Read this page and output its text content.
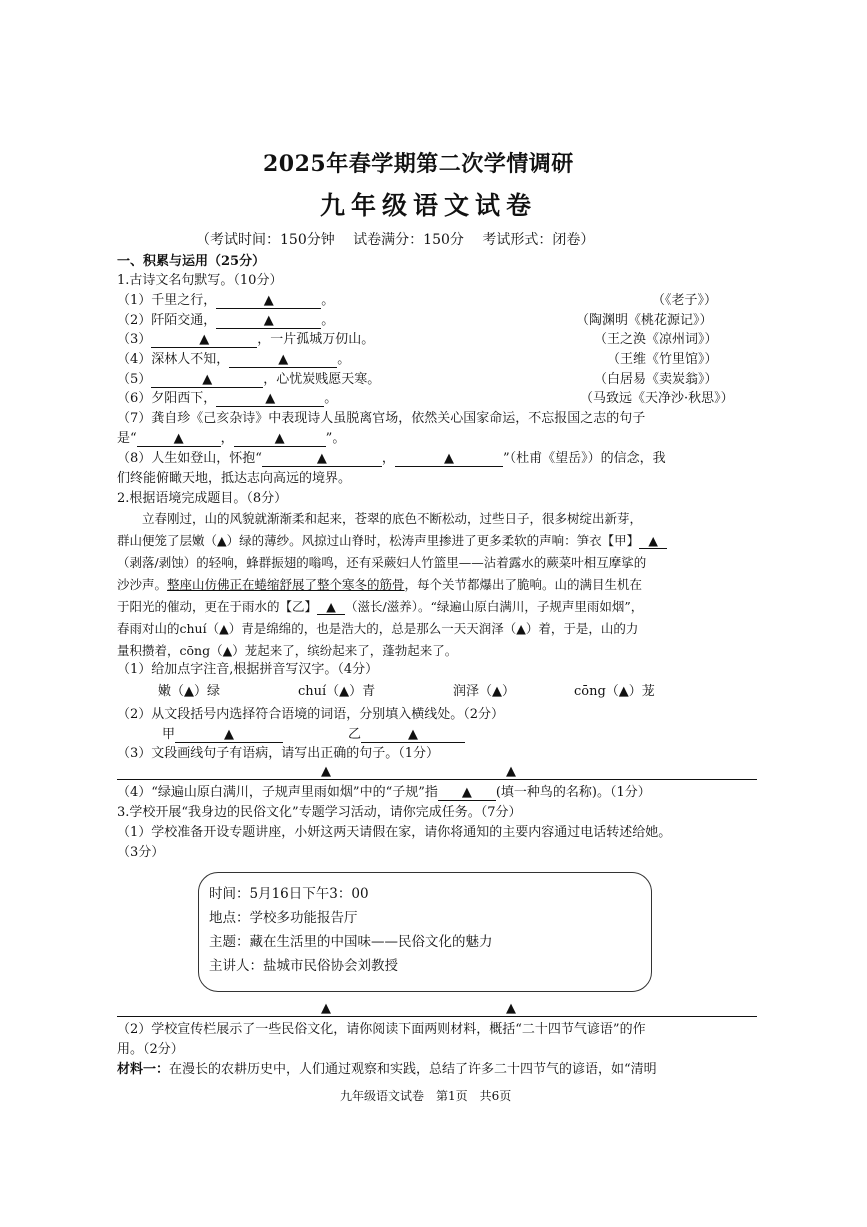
2025年春学期第二次学情调研
九年级语文试卷
（考试时间：150分钟　 试卷满分：150分　 考试形式：闭卷）
一、积累与运用（25分）
1.古诗文名句默写。（10分）
（1）千里之行，	▲	。	（《老子》）
（2）阡陌交通，	▲	。	（陶渊明《桃花源记》）
（3）	▲	，一片孤城万仞山。	（王之涣《凉州词》）
（4）深林人不知，	▲	。	（王维《竹里馆》）
（5）	▲	，心忧炭贱愿天寒。	（白居易《卖炭翁》）
（6）夕阳西下，	▲	。	（马致远《天净沙·秋思》）
（7）龚自珍《己亥杂诗》中表现诗人虽脱离官场，依然关心国家命运，不忘报国之志的句子
是“	▲	，	▲	”。
（8）人生如登山，怀抱“	▲	，	▲	”（杜甫《望岳》）的信念，我
们终能俯瞰天地，抵达志向高远的境界。
2.根据语境完成题目。（8分）
　　立春刚过，山的风貌就渐渐柔和起来，苍翠的底色不断松动，过些日子，很多树绽出新芽，
群山便笼了层嫩（▲）绿的薄纱。风掠过山脊时，松涛声里掺进了更多柔软的声响：笋衣【甲】 ▲
（剥落/剥蚀）的轻响，蜂群振翅的嗡鸣，还有采蕨妇人竹篮里——沾着露水的蕨菜叶相互摩挲的
沙沙声。整座山仿佛正在蜷缩舒展了整个寒冬的筋骨，每个关节都爆出了脆响。山的满目生机在
于阳光的催动，更在于雨水的【乙】 ▲ （滋长/滋养）。“绿遍山原白满川，子规声里雨如烟”，
春雨对山的chuí（▲）青是绵绵的，也是浩大的，总是那么一天天润泽（▲）着，于是，山的力
量积攒着，cōng（▲）茏起来了，缤纷起来了，蓬勃起来了。
（1）给加点字注音,根据拼音写汉字。（4分）
嫩（▲）绿	chuí（▲）青	润泽（▲）	cōng（▲）茏
（2）从文段括号内选择符合语境的词语，分别填入横线处。（2分）
甲	▲	乙	▲
（3）文段画线句子有语病，请写出正确的句子。（1分）
▲	▲
（4）“绿遍山原白满川，子规声里雨如烟”中的“子规”指 ▲ (填一种鸟的名称)。（1分）
3.学校开展“我身边的民俗文化”专题学习活动，请你完成任务。（7分）
（1）学校准备开设专题讲座，小妍这两天请假在家，请你将通知的主要内容通过电话转述给她。
（3分）
时间：5月16日下午3：00
地点：学校多功能报告厅
主题：藏在生活里的中国味——民俗文化的魅力
主讲人：盐城市民俗协会刘教授
▲	▲
（2）学校宣传栏展示了一些民俗文化，请你阅读下面两则材料，概括“二十四节气谚语”的作
用。（2分）
材料一：在漫长的农耕历史中，人们通过观察和实践，总结了许多二十四节气的谚语，如“清明
九年级语文试卷　第1页　共6页
